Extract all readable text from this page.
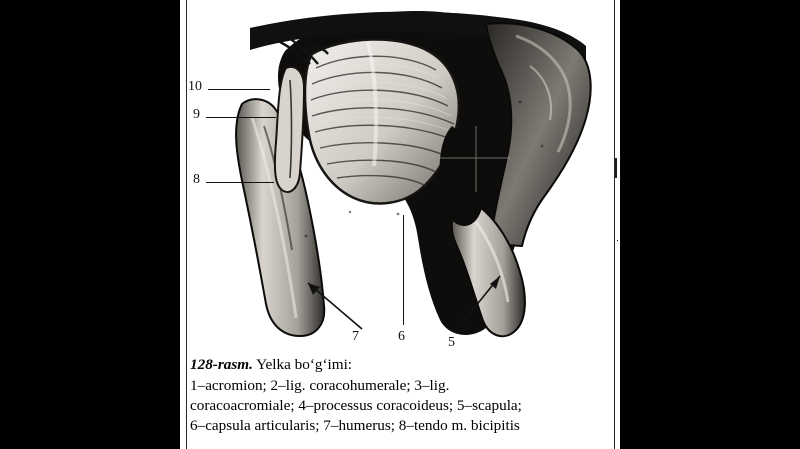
10
9
8
7	6	5

128-rasm. Yelka bo‘g‘imi:

1–acromion; 2–lig. coracohumerale; 3–lig.
coracoacromiale; 4–processus coracoideus; 5–scapula;
6–capsula articularis; 7–humerus; 8–tendo m. bicipitis
